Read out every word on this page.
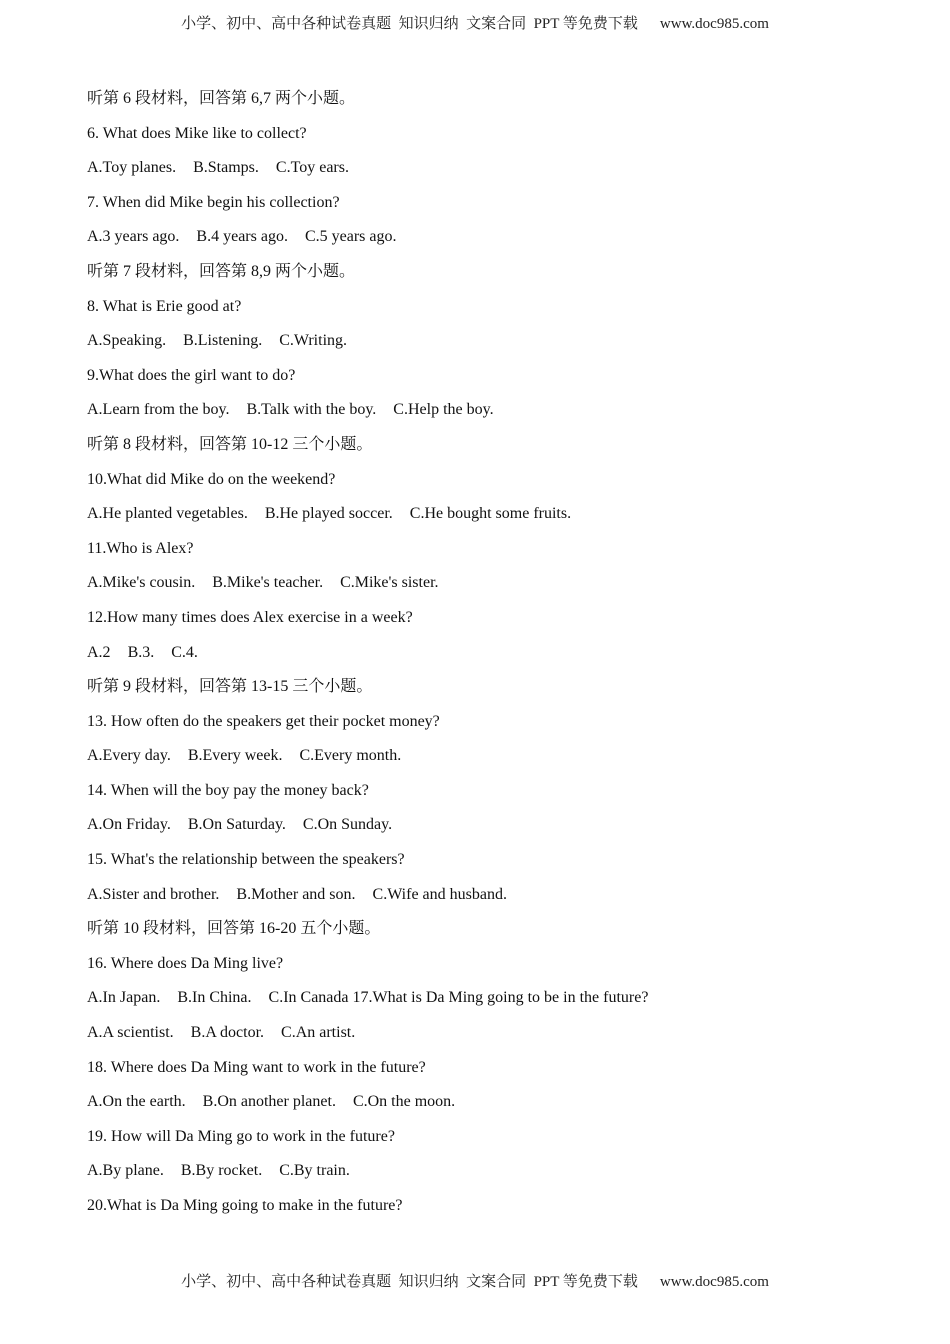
小学、初中、高中各种试卷真题  知识归纳  文案合同  PPT 等免费下载 www.doc985.com
听第 6 段材料，回答第 6,7 两个小题。
6. What does Mike like to collect?
A.Toy planes. B.Stamps. C.Toy ears.
7. When did Mike begin his collection?
A.3 years ago. B.4 years ago. C.5 years ago.
听第 7 段材料，回答第 8,9 两个小题。
8. What is Erie good at?
A.Speaking. B.Listening. C.Writing.
9.What does the girl want to do?
A.Learn from the boy. B.Talk with the boy. C.Help the boy.
听第 8 段材料，回答第 10-12 三个小题。
10.What did Mike do on the weekend?
A.He planted vegetables. B.He played soccer. C.He bought some fruits.
11.Who is Alex?
A.Mike's cousin. B.Mike's teacher. C.Mike's sister.
12.How many times does Alex exercise in a week?
A.2 B.3. C.4.
听第 9 段材料，回答第 13-15 三个小题。
13. How often do the speakers get their pocket money?
A.Every day. B.Every week. C.Every month.
14. When will the boy pay the money back?
A.On Friday. B.On Saturday. C.On Sunday.
15. What's the relationship between the speakers?
A.Sister and brother. B.Mother and son. C.Wife and husband.
听第 10 段材料，回答第 16-20 五个小题。
16. Where does Da Ming live?
A.In Japan. B.In China. C.In Canada 17.What is Da Ming going to be in the future?
A.A scientist. B.A doctor. C.An artist.
18. Where does Da Ming want to work in the future?
A.On the earth. B.On another planet. C.On the moon.
19. How will Da Ming go to work in the future?
A.By plane. B.By rocket. C.By train.
20.What is Da Ming going to make in the future?
小学、初中、高中各种试卷真题  知识归纳  文案合同  PPT 等免费下载 www.doc985.com
